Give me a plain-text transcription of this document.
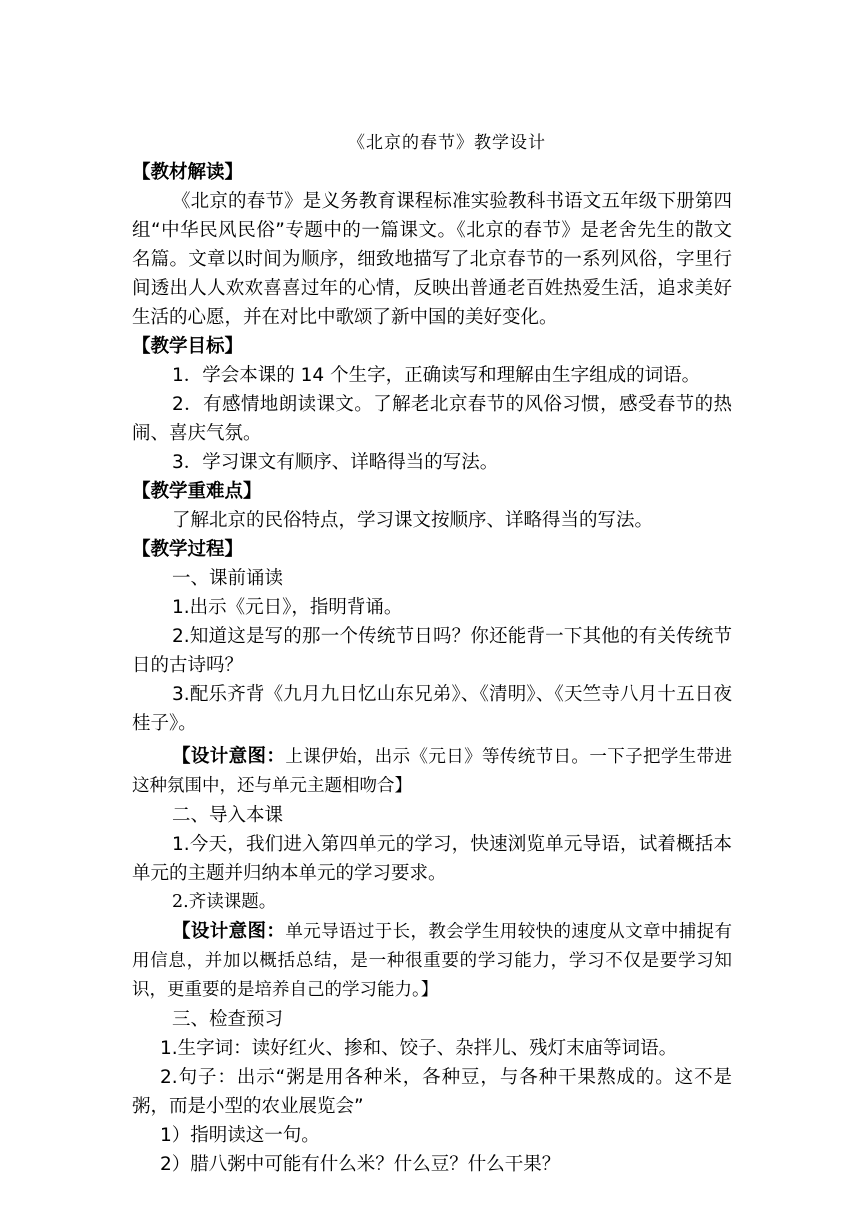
《北京的春节》教学设计
【教材解读】
《北京的春节》是义务教育课程标准实验教科书语文五年级下册第四组“中华民风民俗”专题中的一篇课文。《北京的春节》是老舍先生的散文名篇。文章以时间为顺序，细致地描写了北京春节的一系列风俗，字里行间透出人人欢欢喜喜过年的心情，反映出普通老百姓热爱生活，追求美好生活的心愿，并在对比中歌颂了新中国的美好变化。
【教学目标】
1．学会本课的 14 个生字，正确读写和理解由生字组成的词语。
2．有感情地朗读课文。了解老北京春节的风俗习惯，感受春节的热闹、喜庆气氛。
3．学习课文有顺序、详略得当的写法。
【教学重难点】
了解北京的民俗特点，学习课文按顺序、详略得当的写法。
【教学过程】
一、课前诵读
1.出示《元日》，指明背诵。
2.知道这是写的那一个传统节日吗？你还能背一下其他的有关传统节日的古诗吗？
3.配乐齐背《九月九日忆山东兄弟》、《清明》、《天竺寺八月十五日夜桂子》。
【设计意图：上课伊始，出示《元日》等传统节日。一下子把学生带进这种氛围中，还与单元主题相吻合】
二、导入本课
1.今天，我们进入第四单元的学习，快速浏览单元导语，试着概括本单元的主题并归纳本单元的学习要求。
2.齐读课题。
【设计意图：单元导语过于长，教会学生用较快的速度从文章中捕捉有用信息，并加以概括总结，是一种很重要的学习能力，学习不仅是要学习知识，更重要的是培养自己的学习能力。】
三、检查预习
1.生字词：读好红火、掺和、饺子、杂拌儿、残灯末庙等词语。
2.句子：出示“粥是用各种米，各种豆，与各种干果熬成的。这不是粥，而是小型的农业展览会”
1）指明读这一句。
2）腊八粥中可能有什么米？什么豆？什么干果？
